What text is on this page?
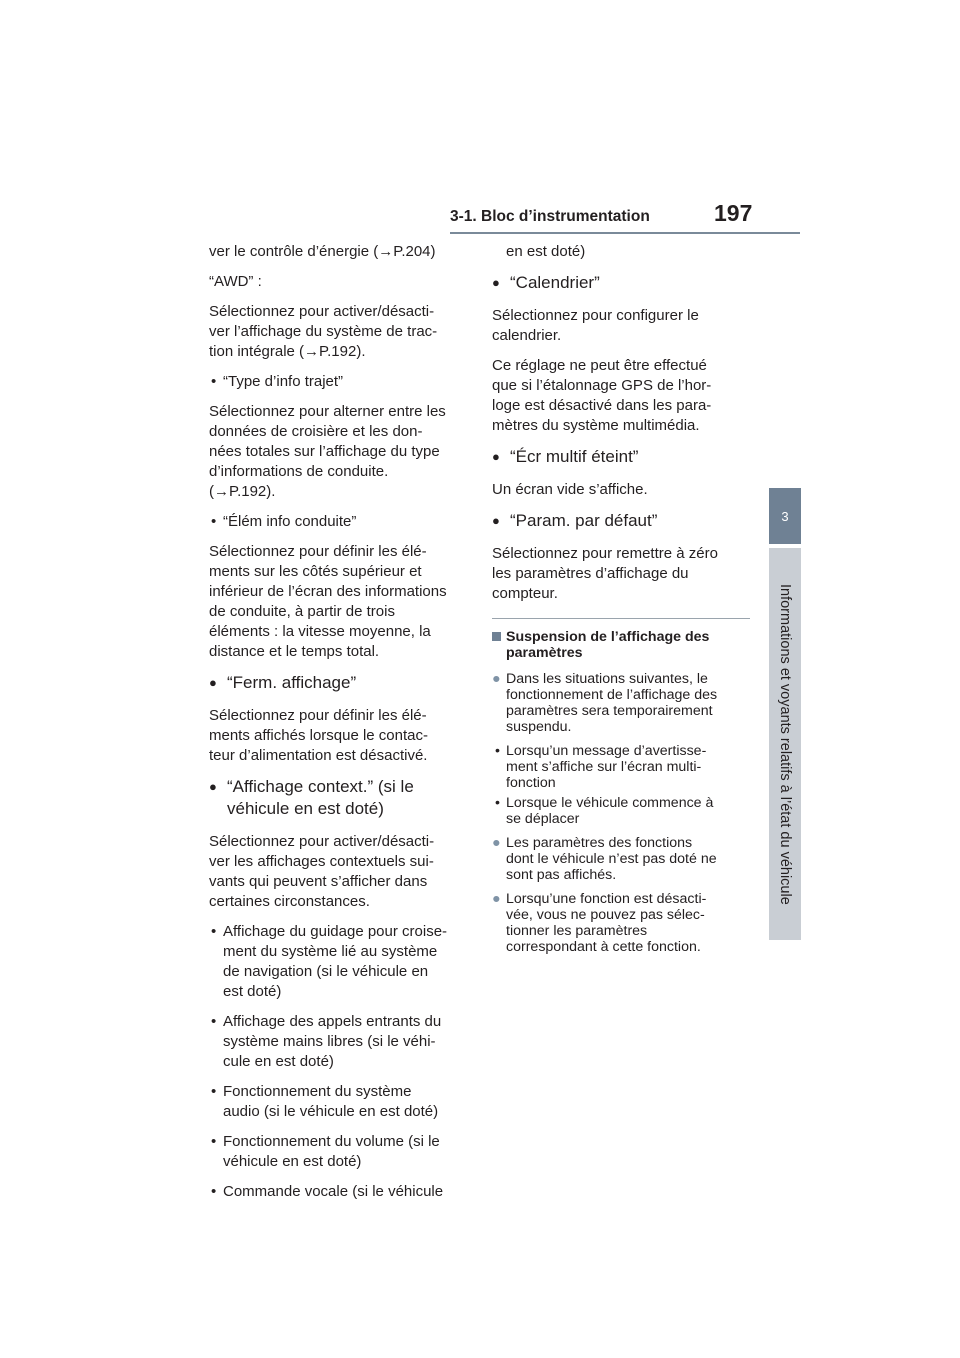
3-1. Bloc d’instrumentation	197
3
Informations et voyants relatifs à l’état du véhicule

ver le contrôle d’énergie (→P.204)

“AWD” :

Sélectionnez pour activer/désacti-
ver l’affichage du système de trac-
tion intégrale (→P.192).

• “Type d’info trajet”

Sélectionnez pour alterner entre les
données de croisière et les don-
nées totales sur l’affichage du type
d’informations de conduite.
(→P.192).

• “Élém info conduite”

Sélectionnez pour définir les élé-
ments sur les côtés supérieur et
inférieur de l’écran des informations
de conduite, à partir de trois
éléments : la vitesse moyenne, la
distance et le temps total.

● “Ferm. affichage”

Sélectionnez pour définir les élé-
ments affichés lorsque le contac-
teur d’alimentation est désactivé.

● “Affichage context.” (si le
véhicule en est doté)

Sélectionnez pour activer/désacti-
ver les affichages contextuels sui-
vants qui peuvent s’afficher dans
certaines circonstances.

• Affichage du guidage pour croise-
ment du système lié au système
de navigation (si le véhicule en
est doté)
• Affichage des appels entrants du
système mains libres (si le véhi-
cule en est doté)
• Fonctionnement du système
audio (si le véhicule en est doté)
• Fonctionnement du volume (si le
véhicule en est doté)
• Commande vocale (si le véhicule

en est doté)

● “Calendrier”

Sélectionnez pour configurer le
calendrier.

Ce réglage ne peut être effectué
que si l’étalonnage GPS de l’hor-
loge est désactivé dans les para-
mètres du système multimédia.

● “Écr multif éteint”

Un écran vide s’affiche.

● “Param. par défaut”

Sélectionnez pour remettre à zéro
les paramètres d’affichage du
compteur.

Suspension de l’affichage des
paramètres
● Dans les situations suivantes, le
fonctionnement de l’affichage des
paramètres sera temporairement
suspendu.
• Lorsqu’un message d’avertisse-
ment s’affiche sur l’écran multi-
fonction
• Lorsque le véhicule commence à
se déplacer
● Les paramètres des fonctions
dont le véhicule n’est pas doté ne
sont pas affichés.
● Lorsqu’une fonction est désacti-
vée, vous ne pouvez pas sélec-
tionner les paramètres
correspondant à cette fonction.
